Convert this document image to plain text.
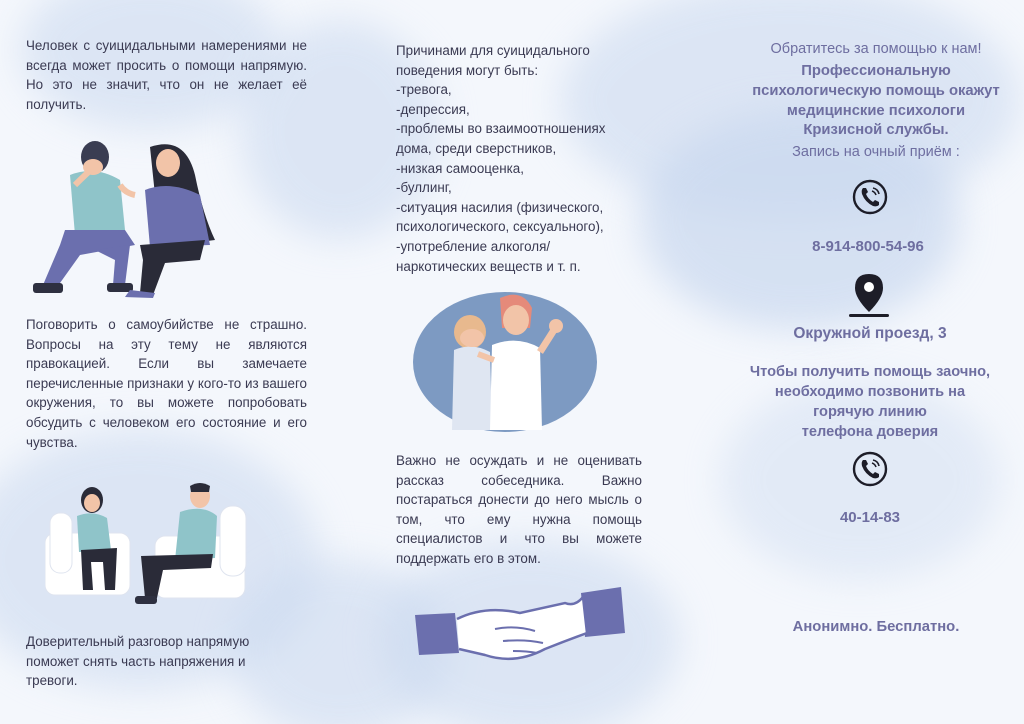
Человек с суицидальными намерениями не всегда может просить о помощи напрямую. Но это не значит, что он не желает её получить.

Поговорить о самоубийстве не страшно. Вопросы на эту тему не являются правокацией. Если вы замечаете перечисленные признаки у кого-то из вашего окружения, то вы можете попробовать обсудить с человеком его состояние и его чувства.

Доверительный разговор напрямую поможет снять часть напряжения и тревоги.

Причинами для суицидального
поведения могут быть:
-тревога,
-депрессия,
-проблемы во взаимоотношениях
дома, среди сверстников,
-низкая самооценка,
-буллинг,
-ситуация насилия (физического,
психологического, сексуального),
-употребление алкоголя/
наркотических веществ и т. п.

Важно не осуждать и не оценивать рассказ собеседника. Важно постараться донести до него мысль о том, что ему нужна помощь специалистов и что вы можете поддержать его в этом.

Обратитесь за помощью к нам!
Профессиональную
психологическую помощь окажут
медицинские психологи
Кризисной службы.
Запись на очный приём :
8-914-800-54-96
Окружной проезд, 3
Чтобы получить помощь заочно,
необходимо позвонить на
горячую линию
телефона доверия
40-14-83
Анонимно. Бесплатно.
